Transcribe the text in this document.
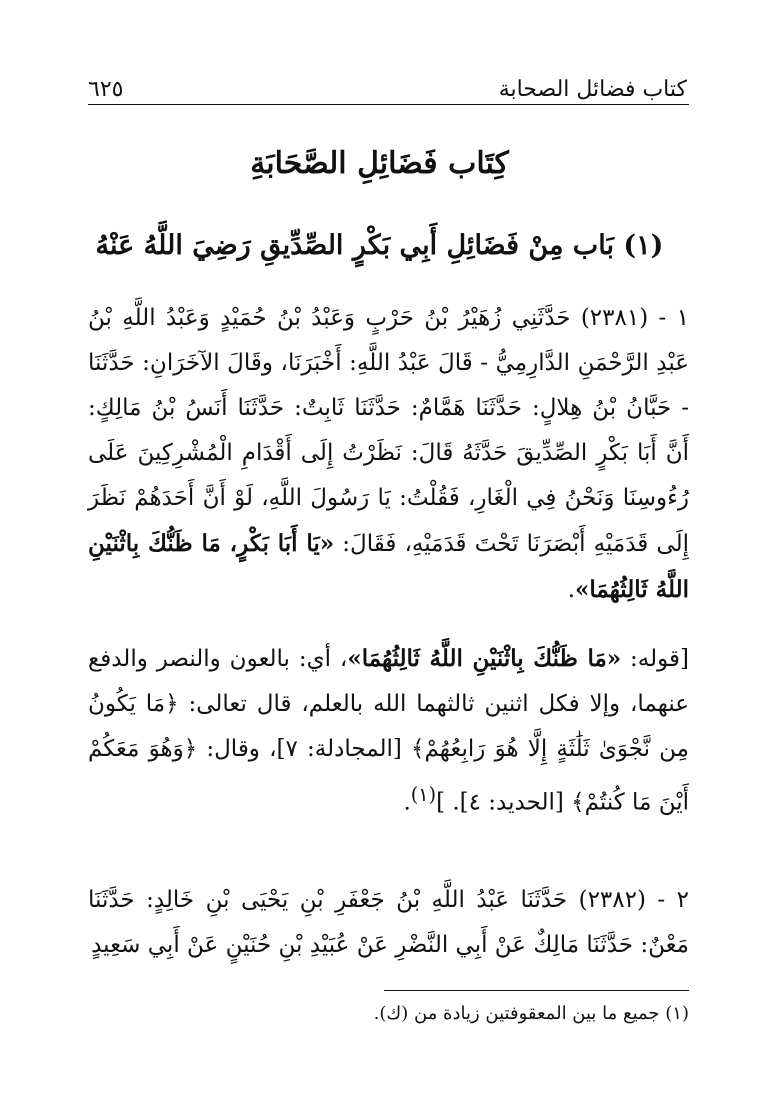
كتاب فضائل الصحابة
٦٢٥
كِتَاب فَضَائِلِ الصَّحَابَةِ
(١) بَاب مِنْ فَضَائِلِ أَبِي بَكْرٍ الصِّدِّيقِ رَضِيَ اللَّهُ عَنْهُ

١ - (٢٣٨١) حَدَّثَنِي زُهَيْرُ بْنُ حَرْبٍ وَعَبْدُ بْنُ حُمَيْدٍ وَعَبْدُ اللَّهِ بْنُ عَبْدِ الرَّحْمَنِ الدَّارِمِيُّ - قَالَ عَبْدُ اللَّهِ: أَخْبَرَنَا، وقَالَ الآخَرَانِ: حَدَّثَنَا - حَبَّانُ بْنُ هِلالٍ: حَدَّثَنَا هَمَّامٌ: حَدَّثَنَا ثَابِتٌ: حَدَّثَنَا أَنَسُ بْنُ مَالِكٍ: أَنَّ أَبَا بَكْرٍ الصِّدِّيقَ حَدَّثَهُ قَالَ: نَظَرْتُ إِلَى أَقْدَامِ الْمُشْرِكِينَ عَلَى رُءُوسِنَا وَنَحْنُ فِي الْغَارِ، فَقُلْتُ: يَا رَسُولَ اللَّهِ، لَوْ أَنَّ أَحَدَهُمْ نَظَرَ إِلَى قَدَمَيْهِ أَبْصَرَنَا تَحْتَ قَدَمَيْهِ، فَقَالَ: «يَا أَبَا بَكْرٍ، مَا ظَنُّكَ بِاثْنَيْنِ اللَّهُ ثَالِثُهُمَا».

[قوله: «مَا ظَنُّكَ بِاثْنَيْنِ اللَّهُ ثَالِثُهُمَا»، أي: بالعون والنصر والدفع عنهما، وإلا فكل اثنين ثالثهما الله بالعلم، قال تعالى: ﴿مَا يَكُونُ مِن نَّجْوَىٰ ثَلَٰثَةٍ إِلَّا هُوَ رَابِعُهُمْ﴾ [المجادلة: ٧]، وقال: ﴿وَهُوَ مَعَكُمْ أَيْنَ مَا كُنتُمْ﴾ [الحديد: ٤]. ]$^{(١)}$.

٢ - (٢٣٨٢) حَدَّثَنَا عَبْدُ اللَّهِ بْنُ جَعْفَرِ بْنِ يَحْيَى بْنِ خَالِدٍ: حَدَّثَنَا مَعْنٌ: حَدَّثَنَا مَالِكٌ عَنْ أَبِي النَّضْرِ عَنْ عُبَيْدِ بْنِ حُنَيْنٍ عَنْ أَبِي سَعِيدٍ

(١) جميع ما بين المعقوفتين زيادة من (ك).
